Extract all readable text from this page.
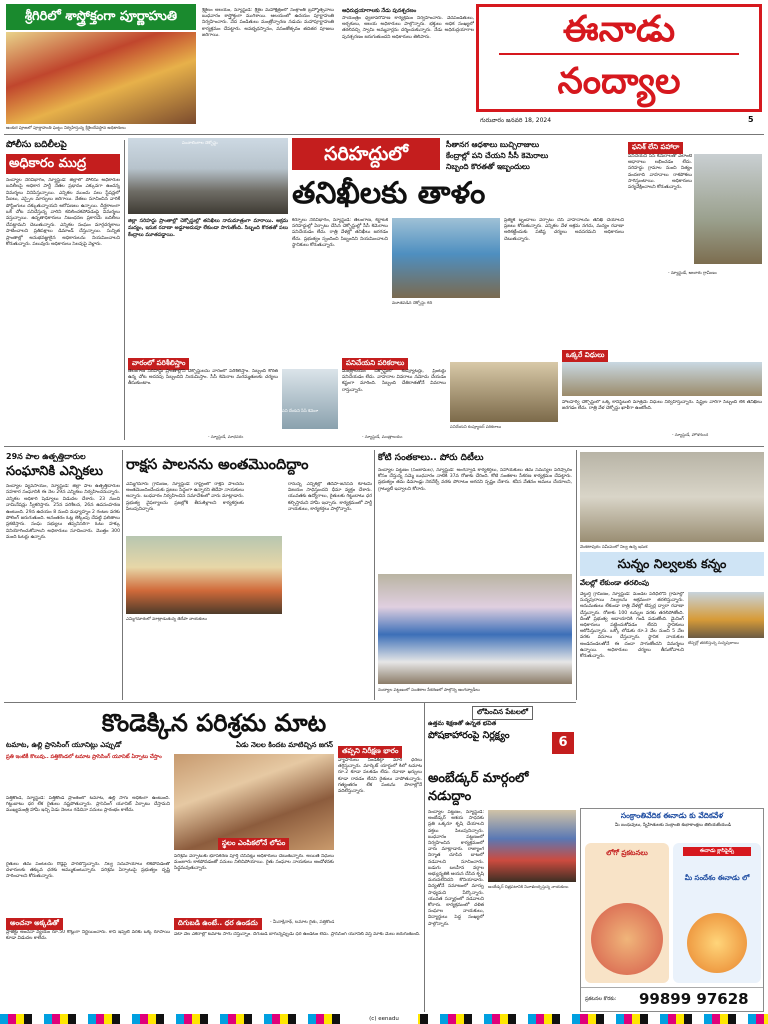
శ్రీగిరిలో శాస్త్రోక్తంగా పూర్ణాహుతి
అంకుర పూజలో పూర్ణాహుతి ఘట్టం నిర్వహిస్తున్న శ్రీశైలదేవస్థాన అధికారులు
శ్రీశైలం ఆలయం, న్యూస్టుడే: శ్రీశైల మహాక్షేత్రంలో సంక్రాంతి బ్రహ్మోత్సవాలు బుధవారం శాస్త్రోక్తంగా ముగిశాయి. ఆలయంలో ఉదయం పూర్ణాహుతి నిర్వహించారు. వేద పండితులు మంత్రోచ్ఛారణ నడుమ మహాపూర్ణాహుతి కార్యక్రమం చేపట్టారు. అవభృథస్నానం, వసంతోత్సవం తదితర పూజలు జరిగాయి.
ఆధిరుద్రయాగాలకు నేడు పునశ్చరణం
సాయంత్రం ధ్వజావరోహణ కార్యక్రమం నిర్వహించారు. వేదపండితులు, అర్చకులు, ఆలయ అధికారులు పాల్గొన్నారు. భక్తులు అధిక సంఖ్యలో తరలివచ్చి స్వామి అమ్మవార్లను దర్శించుకున్నారు. నేడు అధిరుద్రయాగాల పునశ్చరణం జరుగుతుందని అధికారులు తెలిపారు.	ఈనాడు
నంద్యాల
గురువారం జనవరి 18, 2024	5
పోలీసు బదిలీలపై
అధికారం ముద్ర
నంద్యాల నేరవిభాగం, న్యూస్టుడే: జిల్లాలో పోలీసు అధికారుల బదిలీలపై అధికార పార్టీ నేతల ప్రభావం ఎక్కువగా ఉందన్న విమర్శలు వినిపిస్తున్నాయి. ఎన్నికల ముందు పలు స్టేషన్లలో సీఐలు, ఎస్సైల మార్పులు జరిగాయి. నేతలు సూచించిన వారికే పోస్టింగులు దక్కుతున్నాయని ఆరోపణలు ఉన్నాయి. దీర్ఘకాలంగా ఒకే చోట పనిచేస్తున్న వారిని కదిలించకపోవడంపై విమర్శలు వస్తున్నాయి. ఉన్నతాధికారులు నిబంధనల ప్రకారమే బదిలీలు చేపట్టామని చెబుతున్నారు. ఎన్నికల సంఘం మార్గదర్శకాలు పాటించాలని ప్రతిపక్షాలు డిమాండ్ చేస్తున్నాయి. సున్నిత ప్రాంతాల్లో అనుభవజ్ఞులైన అధికారులను నియమించాలని కోరుతున్నారు. పలువురు అధికారులు సెలవుపై వెళ్లారు.
పంచాలింగాల చెక్పోస్టు
సరిహద్దులో
తనిఖీలకు తాళం
సీతానగ ఆధశాలు బుచ్చిరాజులు
కేంద్రాల్లో పని చేయని సీసీ కెమెరాలు
నిబ్బంది కొరతతో ఇబ్బందులు
జిల్లా సరిహద్దు ప్రాంతాల్లో చెక్పోస్టుల్లో తనిఖీలు నామమాత్రంగా మారాయి. అక్రమ మద్యం, ఇసుక రవాణా అడ్డూఅదుపూ లేకుండా సాగుతోంది. సిబ్బంది కొరతతో పలు కేంద్రాలు మూతపడ్డాయి.
కర్నూలు నేరవిభాగం, న్యూస్టుడే: తెలంగాణ, కర్ణాటక సరిహద్దుల్లో ఏర్పాటు చేసిన చెక్పోస్టుల్లో సీసీ కెమెరాలు పనిచేయడం లేదు. రాత్రి వేళల్లో తనిఖీలు జరగడం లేదు. ప్రభుత్వం స్పందించి సిబ్బందిని నియమించాలని స్థానికులు కోరుతున్నారు.
మూతపడిన చెక్పోస్టు గది
ప్రత్యేక బృందాలు ఏర్పాటు చేసి వాహనాలను తనిఖీ చేయాలని ప్రజలు కోరుతున్నారు. ఎన్నికల వేళ అక్రమ నగదు, మద్యం రవాణా అరికట్టేందుకు పటిష్ఠ చర్యలు అవసరమని అధికారులు చెబుతున్నారు.
ఫనిశ్ లేని పహారా
పనిచేయని సీసీ కెమెరాలతో ఎలాంటి ఆధారాలు లభించడం లేదు. సరిహద్దు గ్రామాల నుంచి నిత్యం వందలాది వాహనాలు రాకపోకలు సాగిస్తుంటాయి. అధికారులు పర్యవేక్షించాలని కోరుతున్నారు.
- న్యూస్టుడే, ఆలూరు గ్రామీణం
వారంలో పరిశీలిస్తాం
తెలంగాణ సరిహద్దు ప్రాంతాల్లోని చెక్పోస్టులను వారంలో పరిశీలిస్తాం. సిబ్బంది కొరత ఉన్న చోట అదనపు సిబ్బందిని నియమిస్తాం. సీసీ కెమెరాల మరమ్మతులకు చర్యలు తీసుకుంటాం.
పని చేయని సీసీ కెమెరా
- న్యూస్టుడే, మాధవరం
పనిచేయని పరికరాలు
మంత్రాలయం చెక్పోస్టులో కంప్యూటర్లు, ప్రింటర్లు పనిచేయడం లేదు. వాహనాల వివరాలు నమోదు చేయడం కష్టంగా మారింది. సిబ్బంది చేతిరాతతోనే వివరాలు రాస్తున్నారు.
పనిచేయని కంప్యూటర్ పరికరాలు
- న్యూస్టుడే, మంత్రాలయం
ఒక్కరే విధులు
హాలహర్వి చెక్పోస్టులో ఒక్క కానిస్టేబుల్ మాత్రమే విధులు నిర్వహిస్తున్నారు. షిఫ్టుల వారీగా సిబ్బంది లేక తనిఖీలు జరగడం లేదు. రాత్రి వేళ చెక్పోస్టు ఖాళీగా ఉంటోంది.
- న్యూస్టుడే, హొళగుంద
29న పాల ఉత్పత్తిదారుల
సంఘానికి ఎన్నికలు
నంద్యాల వ్యవసాయం, న్యూస్టుడే: జిల్లా పాల ఉత్పత్తిదారుల సహకార సంఘానికి ఈ నెల 29న ఎన్నికలు నిర్వహించనున్నారు. ఎన్నికల అధికారి షెడ్యూలు విడుదల చేశారు. 23 నుంచి నామినేషన్లు స్వీకరిస్తారు. 25న పరిశీలన, 26న ఉపసంహరణ ఉంటుంది. 29న ఉదయం 8 నుంచి మధ్యాహ్నం 2 గంటల వరకు పోలింగ్ జరుగుతుంది. అనంతరం ఓట్ల లెక్కింపు చేపట్టి ఫలితాలు ప్రకటిస్తారు. సంఘ సభ్యులు తప్పనిసరిగా ఓటు హక్కు వినియోగించుకోవాలని అధికారులు సూచించారు. మొత్తం 300 మంది ఓటర్లు ఉన్నారు.
రాక్షస పాలనను అంతమొందిద్దాం
ఎమ్మిగనూరు గ్రామీణం, న్యూస్టుడే: రాష్ట్రంలో రాక్షస పాలనను అంతమొందించేందుకు ప్రజలు సిద్ధంగా ఉన్నారని తెదేపా నాయకులు అన్నారు. బుధవారం నిర్వహించిన సమావేశంలో వారు మాట్లాడారు. ప్రభుత్వ వైఫల్యాలను ప్రజల్లోకి తీసుకెళ్లాలని కార్యకర్తలకు పిలుపునిచ్చారు.
ఎమ్మిగనూరులో మాట్లాడుతున్న తెదేపా నాయకులు
రానున్న ఎన్నికల్లో తెదేపా-జనసేన కూటమి విజయం సాధిస్తుందని ధీమా వ్యక్తం చేశారు. యువతకు ఉద్యోగాలు, రైతులకు గిట్టుబాటు ధర కల్పిస్తామని హామీ ఇచ్చారు. కార్యక్రమంలో పార్టీ నాయకులు, కార్యకర్తలు పాల్గొన్నారు.
కోటి సంతకాలు.. పోరు దిటీలు
నంద్యాల పట్టణం (సంజామల), న్యూస్టుడే: అంగన్వాడీ కార్యకర్తలు, సహాయకులు తమ సమస్యల పరిష్కారం కోసం చేస్తున్న సమ్మె బుధవారం నాటికి 37వ రోజుకు చేరింది. కోటి సంతకాల సేకరణ కార్యక్రమం చేపట్టారు. ప్రభుత్వం తమ డిమాండ్లు నెరవేర్చే వరకు పోరాటం ఆగదని స్పష్టం చేశారు. కనీస వేతనం అమలు చేయాలని, గ్రాట్యుటీ ఇవ్వాలని కోరారు.
నంద్యాల పట్టణంలో సంతకాల సేకరణలో పాల్గొన్న అంగన్వాడీలు
వెంకటాపురం సమీపంలో నిల్వ ఉన్న ఇసుక
సున్నం నిల్వలకు కన్నం
వేలల్లో లేకుండా తరలింపు
వెల్దుర్తి గ్రామీణం, న్యూస్టుడే: మండల పరిధిలోని గ్రామాల్లో సున్నపురాయి నిల్వలను అక్రమంగా తరలిస్తున్నారు. అనుమతులు లేకుండా రాత్రి వేళల్లో టిప్పర్ల ద్వారా రవాణా చేస్తున్నారు. రోజుకు 100 టన్నుల వరకు తరలిపోతోంది. దీంతో ప్రభుత్వ ఆదాయానికి గండి పడుతోంది. మైనింగ్ అధికారులు పట్టించుకోవడం లేదని స్థానికులు ఆరోపిస్తున్నారు. ఒక్కో లోడుకు రూ.3 వేల నుంచి 5 వేల వరకు వసూలు చేస్తున్నారు. స్థానిక నాయకుల అండదండలతోనే ఈ దందా సాగుతోందని విమర్శలు ఉన్నాయి. అధికారులు చర్యలు తీసుకోవాలని కోరుతున్నారు.
టిప్పర్లో తరలిస్తున్న సున్నపురాయి
కొండెక్కిన పరిశ్రమ మాట
టమాట, ఉల్లి ప్రాసెసింగ్ యూనిట్లు ఎప్పుడో	ఏడు నెలల కిందట మాటిచ్చిన జగన్
ప్రతి ఇంటికీ కొలువు.. పత్తికొండలో టమాట ప్రాసెసింగ్ యూనిట్ ఏర్పాటు చేస్తాం
స్థలం ఎంపికలోనే లోపం
తప్పని నిరీక్షణ భారం
వ్యాపారులు సిండికేట్గా మారి ధరలు తగ్గిస్తున్నారు. మార్కెట్ యార్డులో కిలో టమాట రూ.2 కూడా పలకడం లేదు. రవాణా ఖర్చులు కూడా రావడం లేదని రైతులు వాపోతున్నారు. గత్యంతరం లేక పంటను పొలాల్లోనే వదిలేస్తున్నారు.
పత్తికొండ, న్యూస్టుడే: పత్తికొండ ప్రాంతంలో టమాట, ఉల్లి సాగు అధికంగా ఉంటుంది. గిట్టుబాటు ధర లేక రైతులు నష్టపోతున్నారు. ప్రాసెసింగ్ యూనిట్ ఏర్పాటు చేస్తామని ముఖ్యమంత్రి హామీ ఇచ్చి ఏడు నెలలు గడిచినా పనులు ప్రారంభం కాలేదు.
రైతులు తమ పంటలను రోడ్లపై పారబోస్తున్నారు. నిల్వ సదుపాయాలు లేకపోవడంతో దళారులకు తక్కువ ధరకు అమ్ముకుంటున్నారు. పరిశ్రమ ఏర్పాటుపై ప్రభుత్వం దృష్టి సారించాలని కోరుతున్నారు.
పరిశ్రమ ఏర్పాటుకు భూసేకరణ పూర్తి చేసినట్లు అధికారులు చెబుతున్నారు. అయితే నిధులు మంజూరు కాకపోవడంతో పనులు నిలిచిపోయాయి. రైతు సంఘాల నాయకులు ఆందోళనకు సిద్ధమవుతున్నారు.
అంచనా అక్కడితో
ప్రాజెక్టు అంచనా వ్యయం రూ.50 కోట్లుగా నిర్ణయించారు. కానీ ఇప్పటి వరకు ఒక్క రూపాయి కూడా విడుదల కాలేదు.
దిగుబడి ఉంటే.. ధర ఉండదు	- మీనాక్షినాథ్, టమాట రైతు, పత్తికొండ
ఏటా వేల ఎకరాల్లో టమాట సాగు చేస్తున్నాం. దిగుబడి బాగున్నప్పుడు ధర ఉండటం లేదు. ప్రాసెసింగ్ యూనిట్ వస్తే మాకు మేలు జరుగుతుంది.
లోపించిన పేటలలో
ఉత్తమ శిక్షణతో ఉన్నత భవిత
పోషకాహారంపై నిర్లక్ష్యం	6
అంబేడ్కర్ మార్గంలో నడుద్దాం
అంబేడ్కర్ చిత్రపటానికి నివాళులర్పిస్తున్న నాయకులు
నంద్యాల పట్టణం, న్యూస్టుడే: అంబేడ్కర్ ఆశయ సాధనకు ప్రతి ఒక్కరూ కృషి చేయాలని వక్తలు పిలుపునిచ్చారు. బుధవారం పట్టణంలో నిర్వహించిన కార్యక్రమంలో వారు మాట్లాడారు. రాజ్యాంగ నిర్మాత చూపిన బాటలో నడవాలని సూచించారు. బడుగు బలహీన వర్గాల అభ్యున్నతికి ఆయన చేసిన కృషి మరువలేనిదని కొనియాడారు. విద్యతోనే సమాజంలో మార్పు సాధ్యమని పేర్కొన్నారు. యువత సన్మార్గంలో నడవాలని కోరారు. కార్యక్రమంలో దళిత సంఘాల నాయకులు, విద్యార్థులు పెద్ద సంఖ్యలో పాల్గొన్నారు.
సంక్రాంతివేదిక ఈనాడు కు వేదికవేళ
మీ బంధువులు, స్నేహితులకు సంక్రాంతి శుభాకాంక్షలు తెలియజేయండి
లోగో ప్రకటనలు	ఈనాడు క్లాసిఫైడ్స్
మీ సందేశం ఈనాడు లో
ప్రకటనల కొరకు: 99899 97628
(c) eenadu
